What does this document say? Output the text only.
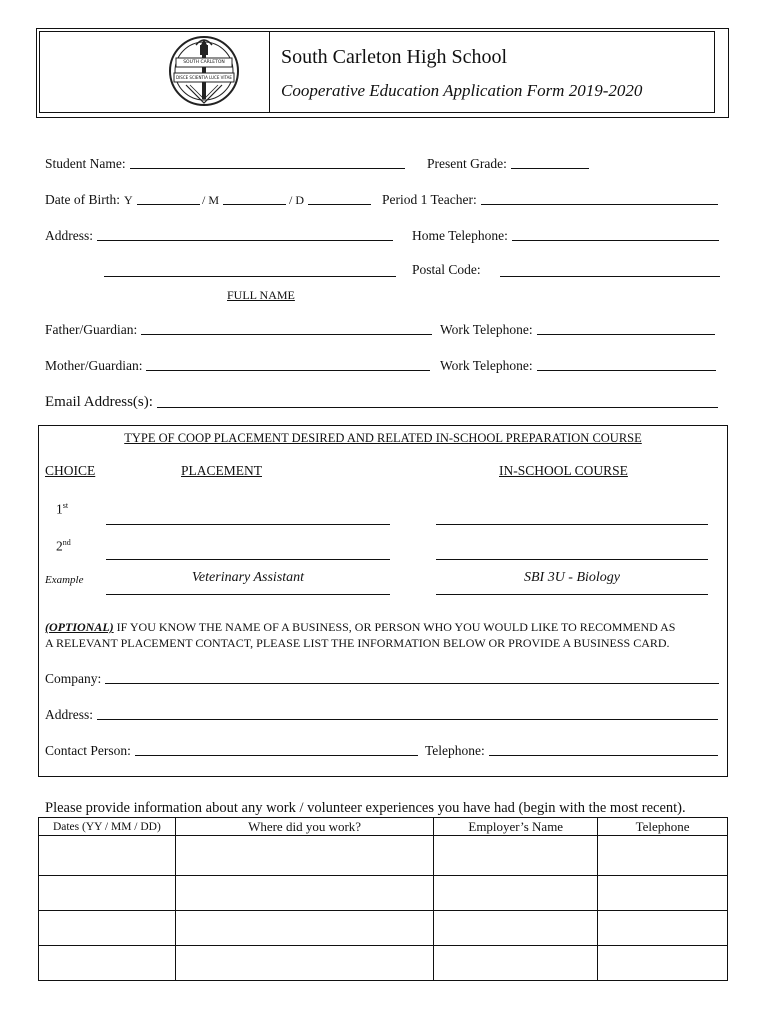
SOUTH CARLETON
DISCE SCIENTIA LUCE VITAE
South Carleton High School
Cooperative Education Application Form 2019-2020
Student Name:	Present Grade:
Date of Birth: Y	/ M	/ D	Period 1 Teacher:
Address:	Home Telephone:
Postal Code:
FULL NAME
Father/Guardian:	Work Telephone:
Mother/Guardian:	Work Telephone:
Email Address(s):
TYPE OF COOP PLACEMENT DESIRED AND RELATED IN-SCHOOL PREPARATION COURSE
CHOICE	PLACEMENT	IN-SCHOOL COURSE
1st
2nd
Example	Veterinary Assistant	SBI 3U - Biology
(OPTIONAL) IF YOU KNOW THE NAME OF A BUSINESS, OR PERSON WHO YOU WOULD LIKE TO RECOMMEND AS
A RELEVANT PLACEMENT CONTACT, PLEASE LIST THE INFORMATION BELOW OR PROVIDE A BUSINESS CARD.
Company:
Address:
Contact Person:	Telephone:
Please provide information about any work / volunteer experiences you have had (begin with the most recent).
Dates (YY / MM / DD)	Where did you work?	Employer’s Name	Telephone
